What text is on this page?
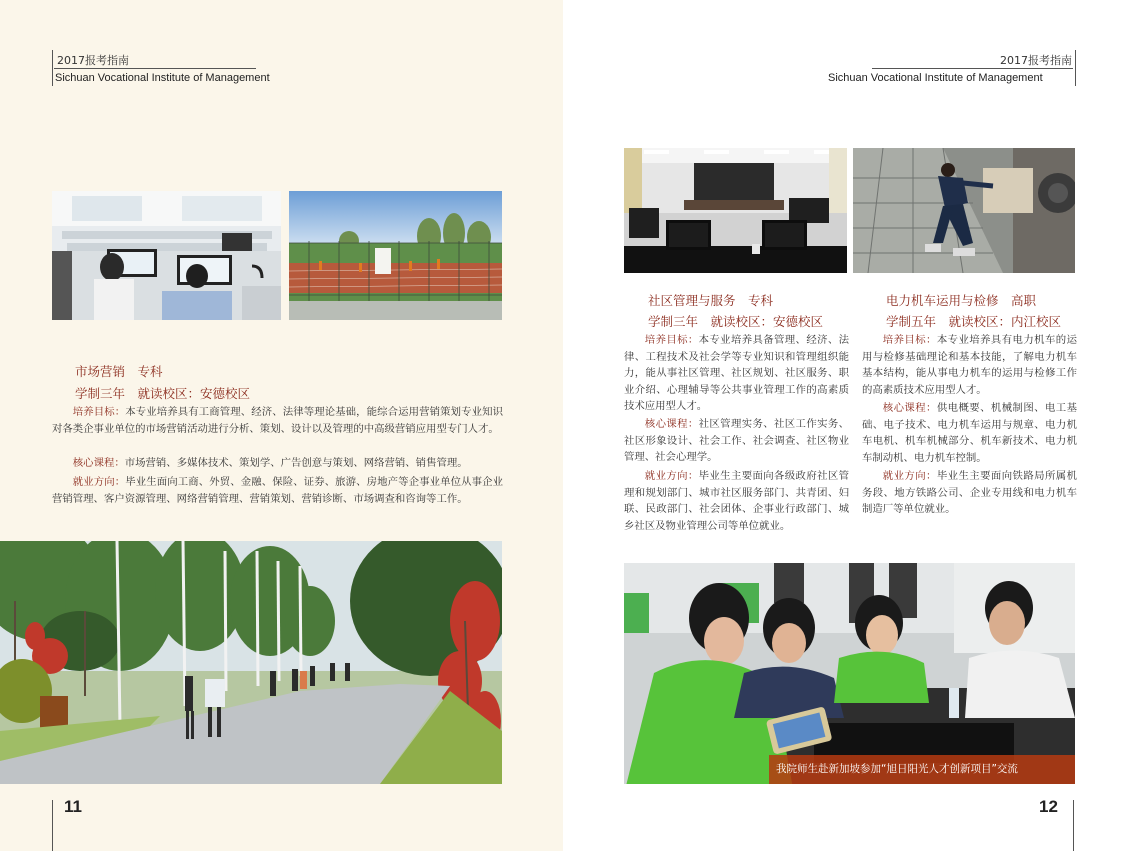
2017报考指南
Sichuan Vocational Institute of Management
市场营销　专科
学制三年　就读校区：安德校区

培养目标：本专业培养具有工商管理、经济、法律等理论基础，能综合运用营销策划专业知识对各类企事业单位的市场营销活动进行分析、策划、设计以及管理的中高级营销应用型专门人才。

核心课程：市场营销、多媒体技术、策划学、广告创意与策划、网络营销、销售管理。

就业方向：毕业生面向工商、外贸、金融、保险、证券、旅游、房地产等企事业单位从事企业营销管理、客户资源管理、网络营销管理、营销策划、营销诊断、市场调查和咨询等工作。

11
2017报考指南
Sichuan Vocational Institute of Management
社区管理与服务　专科
学制三年　就读校区：安德校区

培养目标：本专业培养具备管理、经济、法律、工程技术及社会学等专业知识和管理组织能力，能从事社区管理、社区规划、社区服务、职业介绍、心理辅导等公共事业管理工作的高素质技术应用型人才。

核心课程：社区管理实务、社区工作实务、社区形象设计、社会工作、社会调查、社区物业管理、社会心理学。

就业方向：毕业生主要面向各级政府社区管理和规划部门、城市社区服务部门、共青团、妇联、民政部门、社会团体、企事业行政部门、城乡社区及物业管理公司等单位就业。

电力机车运用与检修　高职
学制五年　就读校区：内江校区

培养目标：本专业培养具有电力机车的运用与检修基础理论和基本技能，了解电力机车基本结构，能从事电力机车的运用与检修工作的高素质技术应用型人才。

核心课程：供电概要、机械制图、电工基础、电子技术、电力机车运用与规章、电力机车电机、机车机械部分、机车新技术、电力机车制动机、电力机车控制。

就业方向：毕业生主要面向铁路局所属机务段、地方铁路公司、企业专用线和电力机车制造厂等单位就业。

我院师生赴新加坡参加“旭日阳光人才创新项目”交流
12
